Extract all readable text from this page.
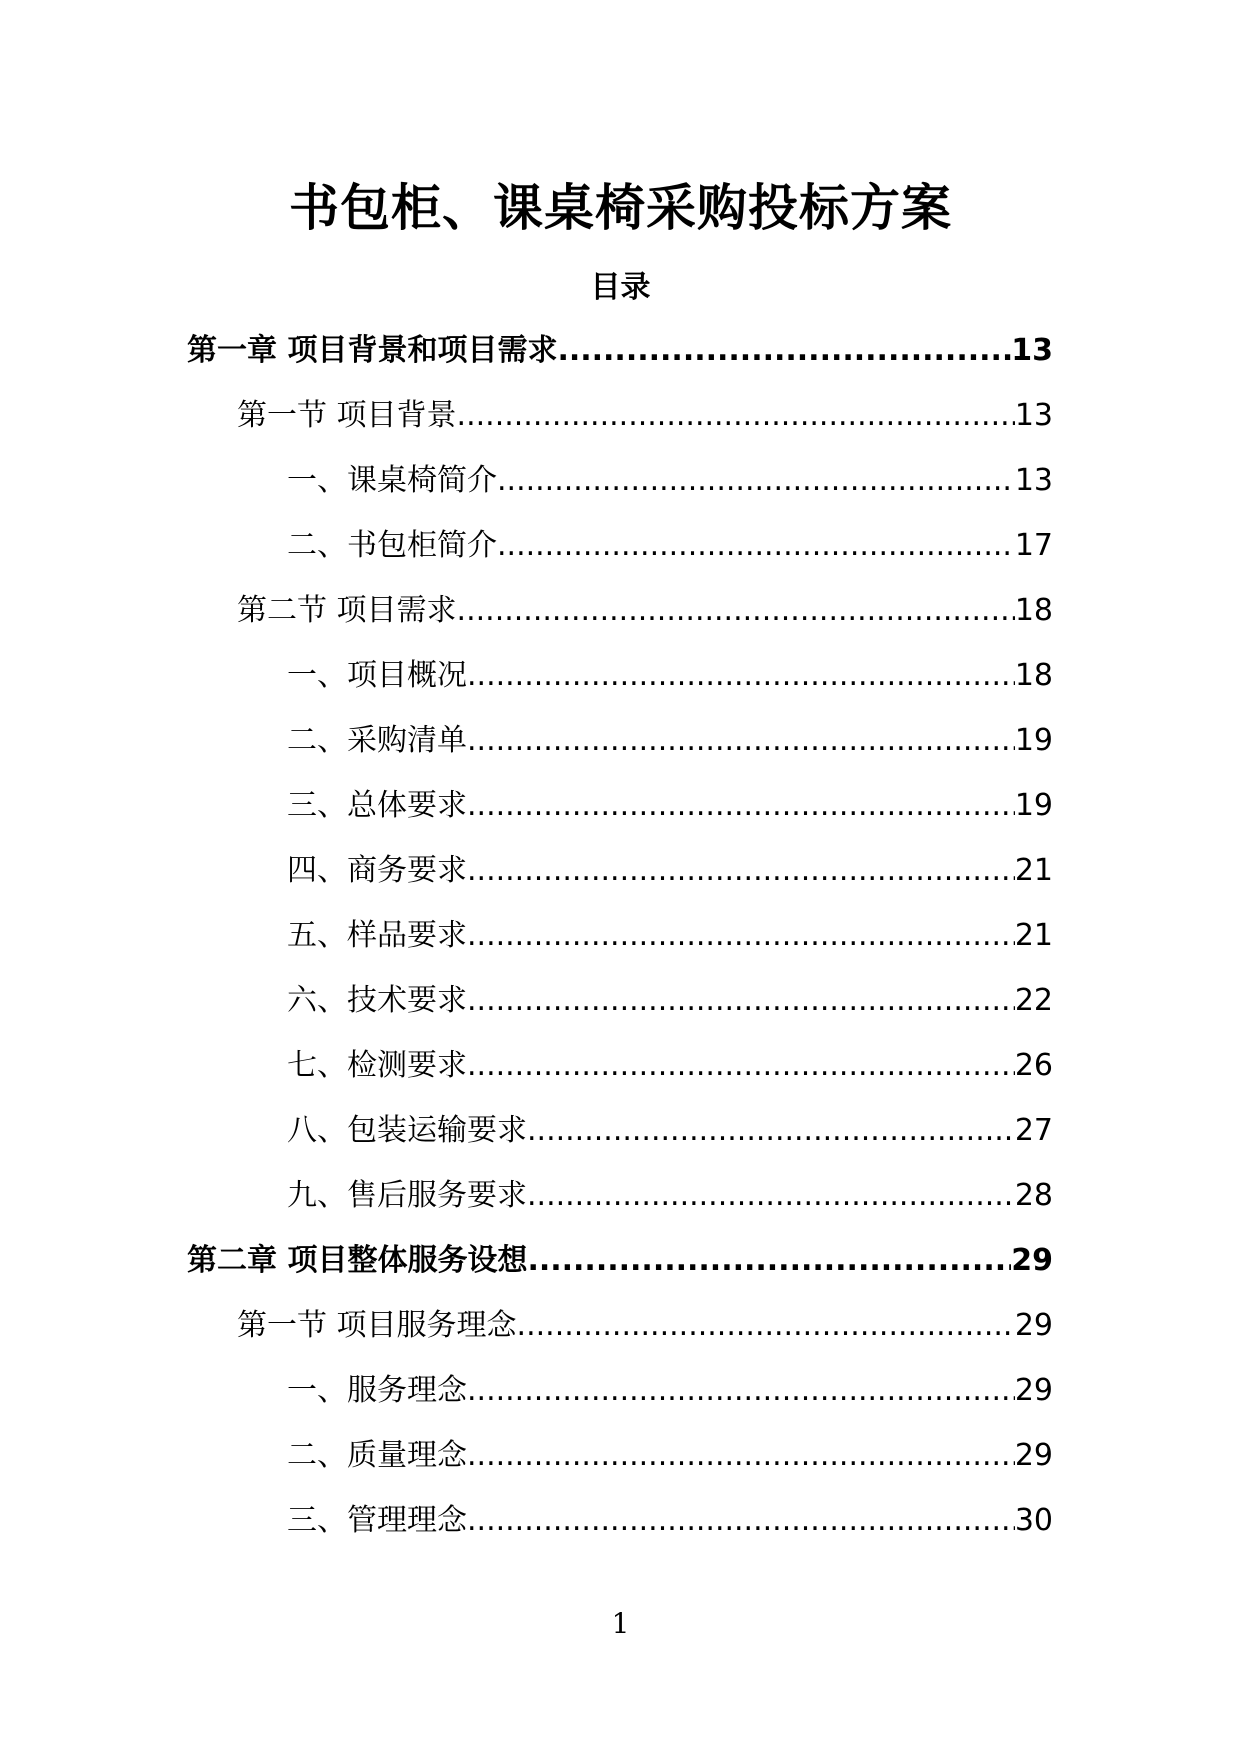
书包柜、课桌椅采购投标方案
目录
第一章 项目背景和项目需求 .....	13
第一节 项目背景 .....	13
一、课桌椅简介 .....	13
二、书包柜简介 .....	17
第二节 项目需求 .....	18
一、项目概况 .....	18
二、采购清单 .....	19
三、总体要求 .....	19
四、商务要求 .....	21
五、样品要求 .....	21
六、技术要求 .....	22
七、检测要求 .....	26
八、包装运输要求 .....	27
九、售后服务要求 .....	28
第二章 项目整体服务设想 .....	29
第一节 项目服务理念 .....	29
一、服务理念 .....	29
二、质量理念 .....	29
三、管理理念 .....	30
1
